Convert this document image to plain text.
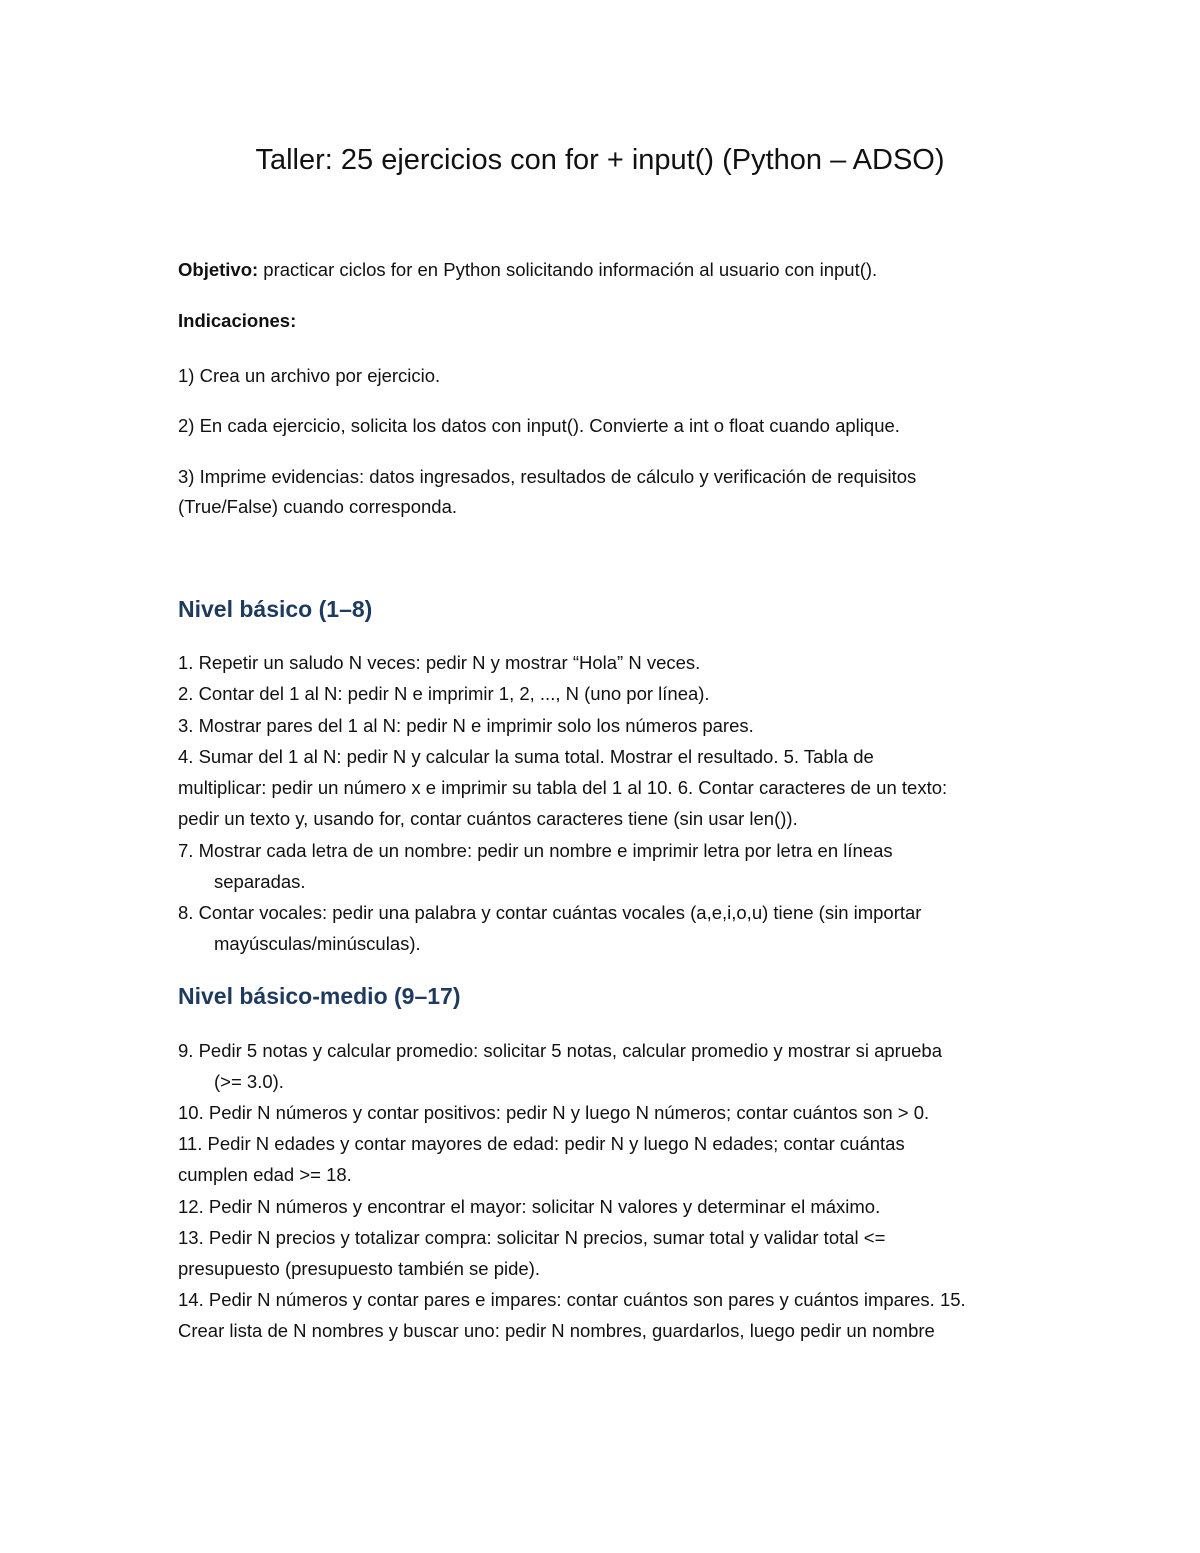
Taller: 25 ejercicios con for + input() (Python – ADSO)
Objetivo: practicar ciclos for en Python solicitando información al usuario con input().
Indicaciones:
1) Crea un archivo por ejercicio.
2) En cada ejercicio, solicita los datos con input(). Convierte a int o float cuando aplique.
3) Imprime evidencias: datos ingresados, resultados de cálculo y verificación de requisitos
(True/False) cuando corresponda.
Nivel básico (1–8)
1. Repetir un saludo N veces: pedir N y mostrar “Hola” N veces.
2. Contar del 1 al N: pedir N e imprimir 1, 2, ..., N (uno por línea).
3. Mostrar pares del 1 al N: pedir N e imprimir solo los números pares.
4. Sumar del 1 al N: pedir N y calcular la suma total. Mostrar el resultado. 5. Tabla de
multiplicar: pedir un número x e imprimir su tabla del 1 al 10. 6. Contar caracteres de un texto:
pedir un texto y, usando for, contar cuántos caracteres tiene (sin usar len()).
7. Mostrar cada letra de un nombre: pedir un nombre e imprimir letra por letra en líneas
separadas.
8. Contar vocales: pedir una palabra y contar cuántas vocales (a,e,i,o,u) tiene (sin importar
mayúsculas/minúsculas).
Nivel básico-medio (9–17)
9. Pedir 5 notas y calcular promedio: solicitar 5 notas, calcular promedio y mostrar si aprueba
(>= 3.0).
10. Pedir N números y contar positivos: pedir N y luego N números; contar cuántos son > 0.
11. Pedir N edades y contar mayores de edad: pedir N y luego N edades; contar cuántas
cumplen edad >= 18.
12. Pedir N números y encontrar el mayor: solicitar N valores y determinar el máximo.
13. Pedir N precios y totalizar compra: solicitar N precios, sumar total y validar total <=
presupuesto (presupuesto también se pide).
14. Pedir N números y contar pares e impares: contar cuántos son pares y cuántos impares. 15.
Crear lista de N nombres y buscar uno: pedir N nombres, guardarlos, luego pedir un nombre
